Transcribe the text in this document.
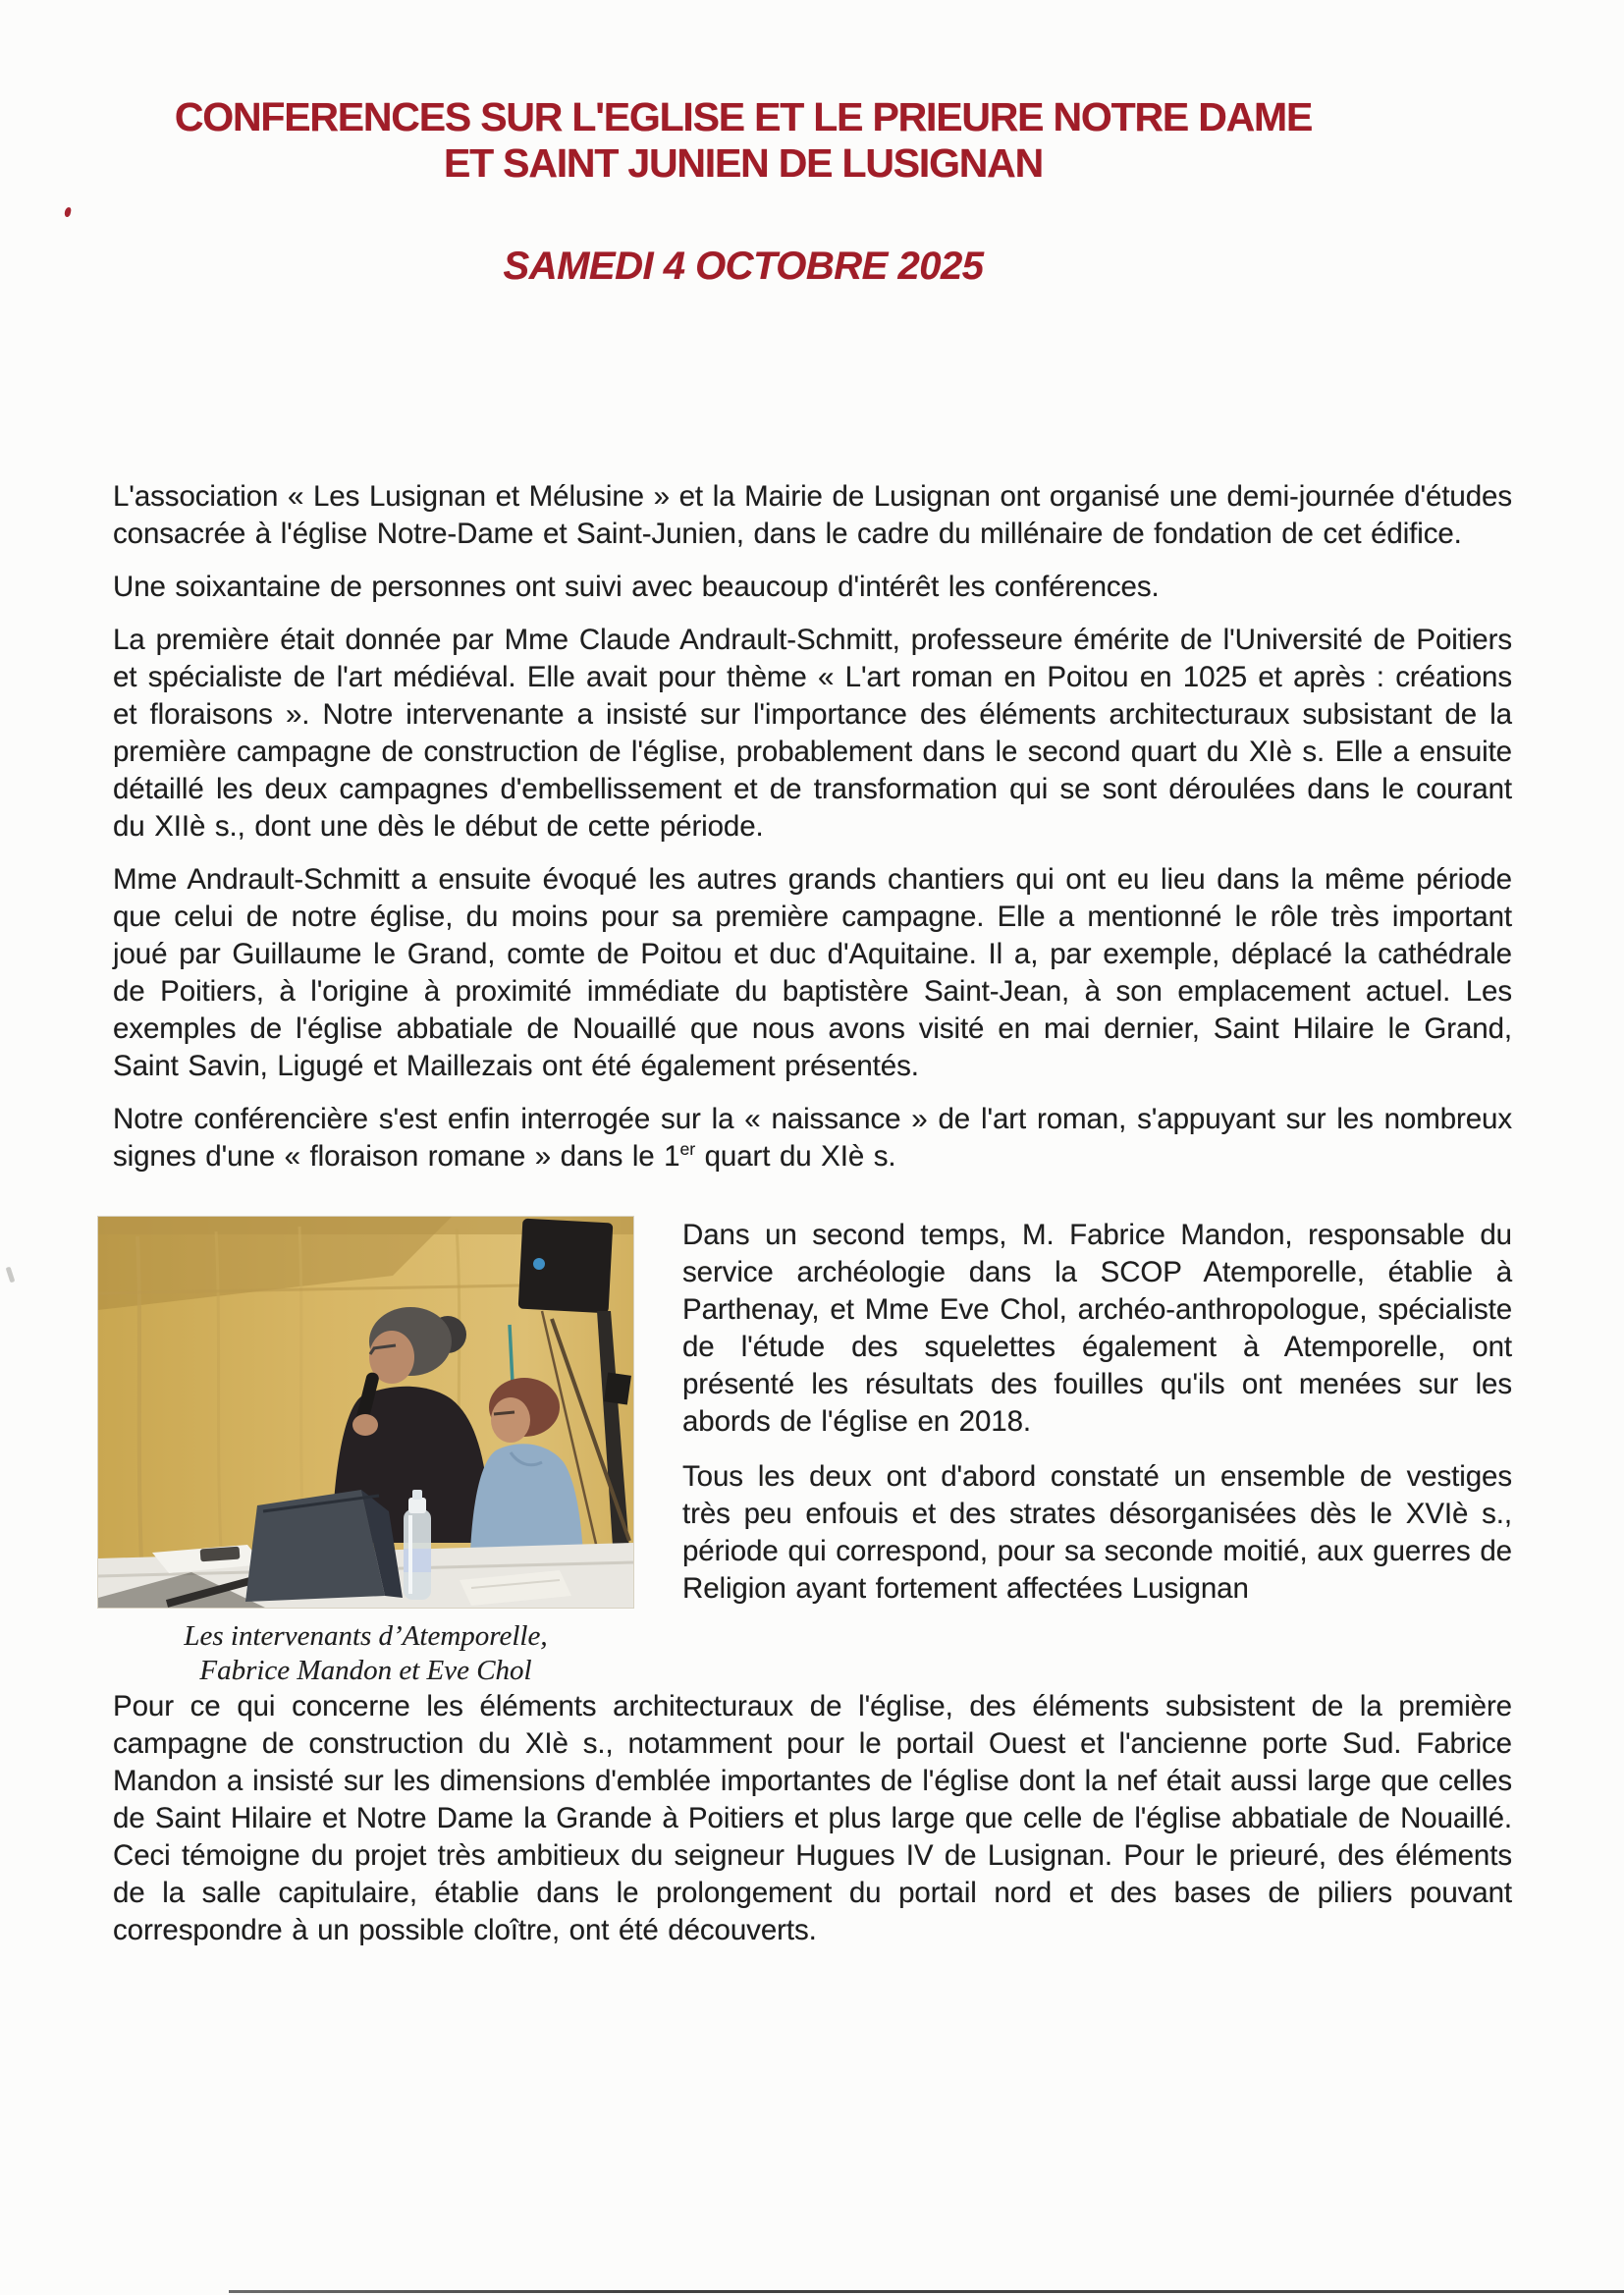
CONFERENCES SUR L'EGLISE ET LE PRIEURE NOTRE DAME
ET SAINT JUNIEN DE LUSIGNAN
SAMEDI 4 OCTOBRE 2025

L'association « Les Lusignan et Mélusine » et la Mairie de Lusignan ont organisé une demi-journée d'études consacrée à l'église Notre-Dame et Saint-Junien, dans le cadre du millénaire de fondation de cet édifice.

Une soixantaine de personnes ont suivi avec beaucoup d'intérêt les conférences.

La première était donnée par Mme Claude Andrault-Schmitt, professeure émérite de l'Université de Poitiers et spécialiste de l'art médiéval. Elle avait pour thème « L'art roman en Poitou en 1025 et après : créations et floraisons ». Notre intervenante a insisté sur l'importance des éléments architecturaux subsistant de la première campagne de construction de l'église, probablement dans le second quart du XIè s. Elle a ensuite détaillé les deux campagnes d'embellissement et de transformation qui se sont déroulées dans le courant du XIIè s., dont une dès le début de cette période.

Mme Andrault-Schmitt a ensuite évoqué les autres grands chantiers qui ont eu lieu dans la même période que celui de notre église, du moins pour sa première campagne. Elle a mentionné le rôle très important joué par Guillaume le Grand, comte de Poitou et duc d'Aquitaine. Il a, par exemple, déplacé la cathédrale de Poitiers, à l'origine à proximité immédiate du baptistère Saint-Jean, à son emplacement actuel. Les exemples de l'église abbatiale de Nouaillé que nous avons visité en mai dernier, Saint Hilaire le Grand, Saint Savin, Ligugé et Maillezais ont été également présentés.

Notre conférencière s'est enfin interrogée sur la « naissance » de l'art roman, s'appuyant sur les nombreux signes d'une « floraison romane » dans le 1er quart du XIè s.

Les intervenants d’Atemporelle,
Fabrice Mandon et Eve Chol

Dans un second temps, M. Fabrice Mandon, responsable du service archéologie dans la SCOP Atemporelle, établie à Parthenay, et Mme Eve Chol, archéo-anthropologue, spécialiste de l'étude des squelettes également à Atemporelle, ont présenté les résultats des fouilles qu'ils ont menées sur les abords de l'église en 2018.

Tous les deux ont d'abord constaté un ensemble de vestiges très peu enfouis et des strates désorganisées dès le XVIè s., période qui correspond, pour sa seconde moitié, aux guerres de Religion ayant fortement affectées Lusignan

Pour ce qui concerne les éléments architecturaux de l'église, des éléments subsistent de la première campagne de construction du XIè s., notamment pour le portail Ouest et l'ancienne porte Sud. Fabrice Mandon a insisté sur les dimensions d'emblée importantes de l'église dont la nef était aussi large que celles de Saint Hilaire et Notre Dame la Grande à Poitiers et plus large que celle de l'église abbatiale de Nouaillé. Ceci témoigne du projet très ambitieux du seigneur Hugues IV de Lusignan. Pour le prieuré, des éléments de la salle capitulaire, établie dans le prolongement du portail nord et des bases de piliers pouvant correspondre à un possible cloître, ont été découverts.
